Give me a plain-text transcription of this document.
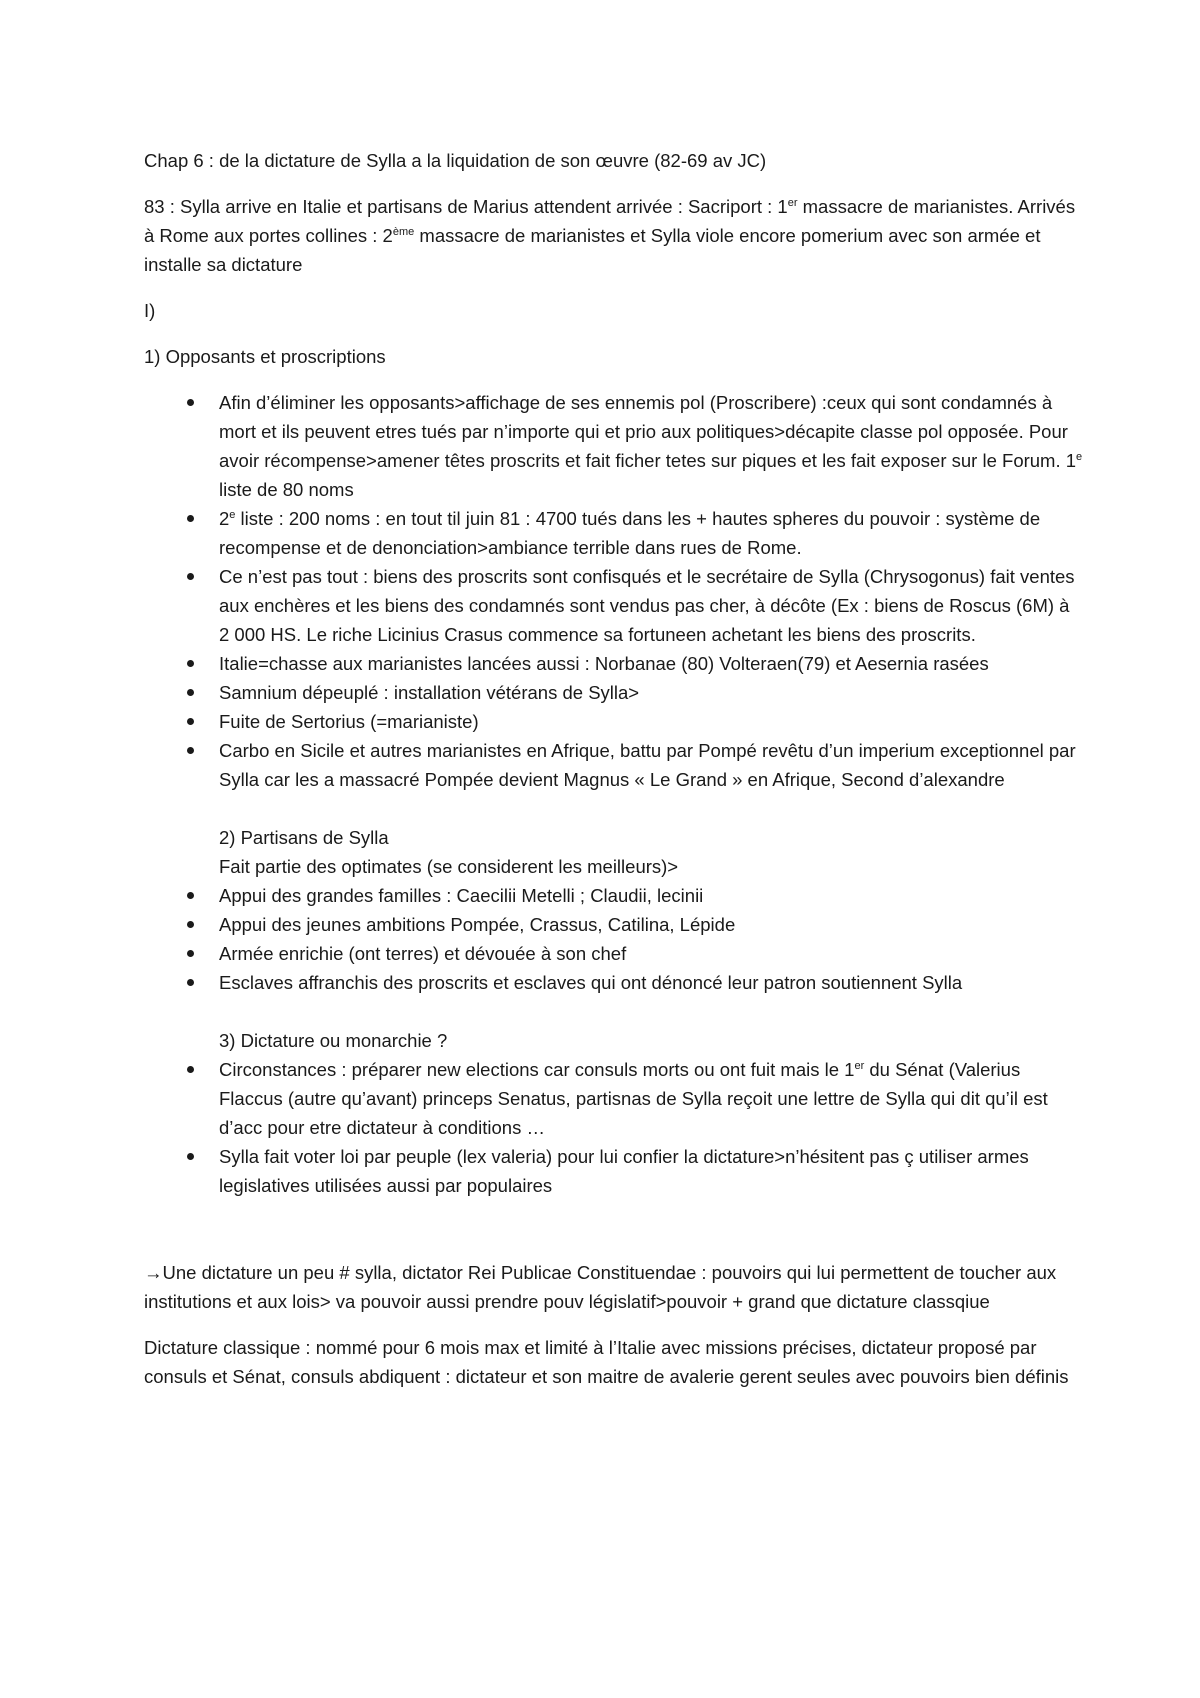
Chap 6 : de la dictature de Sylla a la liquidation de son œuvre (82-69 av JC)

83 : Sylla arrive en Italie et partisans de Marius attendent arrivée : Sacriport : 1er massacre de marianistes. Arrivés à Rome aux portes collines : 2ème massacre de marianistes et Sylla viole encore pomerium avec son armée et installe sa dictature

I)

1) Opposants et proscriptions

Afin d’éliminer les opposants>affichage de ses ennemis pol (Proscribere) :ceux qui sont condamnés à mort et ils peuvent etres tués par n’importe qui et prio aux politiques>décapite classe pol opposée. Pour avoir récompense>amener têtes proscrits et fait ficher tetes sur piques et les fait exposer sur le Forum. 1e liste de 80 noms
2e liste : 200 noms : en tout til juin 81 : 4700 tués dans les + hautes spheres du pouvoir : système de recompense et de denonciation>ambiance terrible dans rues de Rome.
Ce n’est pas tout : biens des proscrits sont confisqués et le secrétaire de Sylla (Chrysogonus) fait ventes aux enchères et les biens des condamnés sont vendus pas cher, à décôte (Ex : biens de Roscus (6M) à 2 000 HS. Le riche Licinius Crasus commence sa fortuneen achetant les biens des proscrits.
Italie=chasse aux marianistes lancées aussi : Norbanae (80) Volteraen(79) et Aesernia rasées
Samnium dépeuplé : installation vétérans de Sylla>
Fuite de Sertorius (=marianiste)
Carbo en Sicile et autres marianistes en Afrique, battu par Pompé revêtu d’un imperium exceptionnel par Sylla car les a massacré Pompée devient Magnus « Le Grand » en Afrique, Second d’alexandre

2) Partisans de Sylla

Fait partie des optimates (se considerent les meilleurs)>

Appui des grandes familles : Caecilii Metelli ; Claudii, lecinii
Appui des jeunes ambitions Pompée, Crassus, Catilina, Lépide
Armée enrichie (ont terres) et dévouée à son chef
Esclaves affranchis des proscrits et esclaves qui ont dénoncé leur patron soutiennent Sylla

3) Dictature ou monarchie ?

Circonstances : préparer new elections car consuls morts ou ont fuit mais le 1er du Sénat (Valerius Flaccus (autre qu’avant) princeps Senatus, partisnas de Sylla reçoit une lettre de Sylla qui dit qu’il est d’acc pour etre dictateur à conditions …
Sylla fait voter loi par peuple (lex valeria) pour lui confier la dictature>n’hésitent pas ç utiliser armes legislatives utilisées aussi par populaires

→Une dictature un peu # sylla, dictator Rei Publicae Constituendae : pouvoirs qui lui permettent de toucher aux institutions et aux lois> va pouvoir aussi prendre pouv législatif>pouvoir + grand que dictature classqiue

Dictature classique : nommé pour 6 mois max et limité à l’Italie avec missions précises, dictateur proposé par consuls et Sénat, consuls abdiquent : dictateur et son maitre de avalerie gerent seules avec pouvoirs bien définis
